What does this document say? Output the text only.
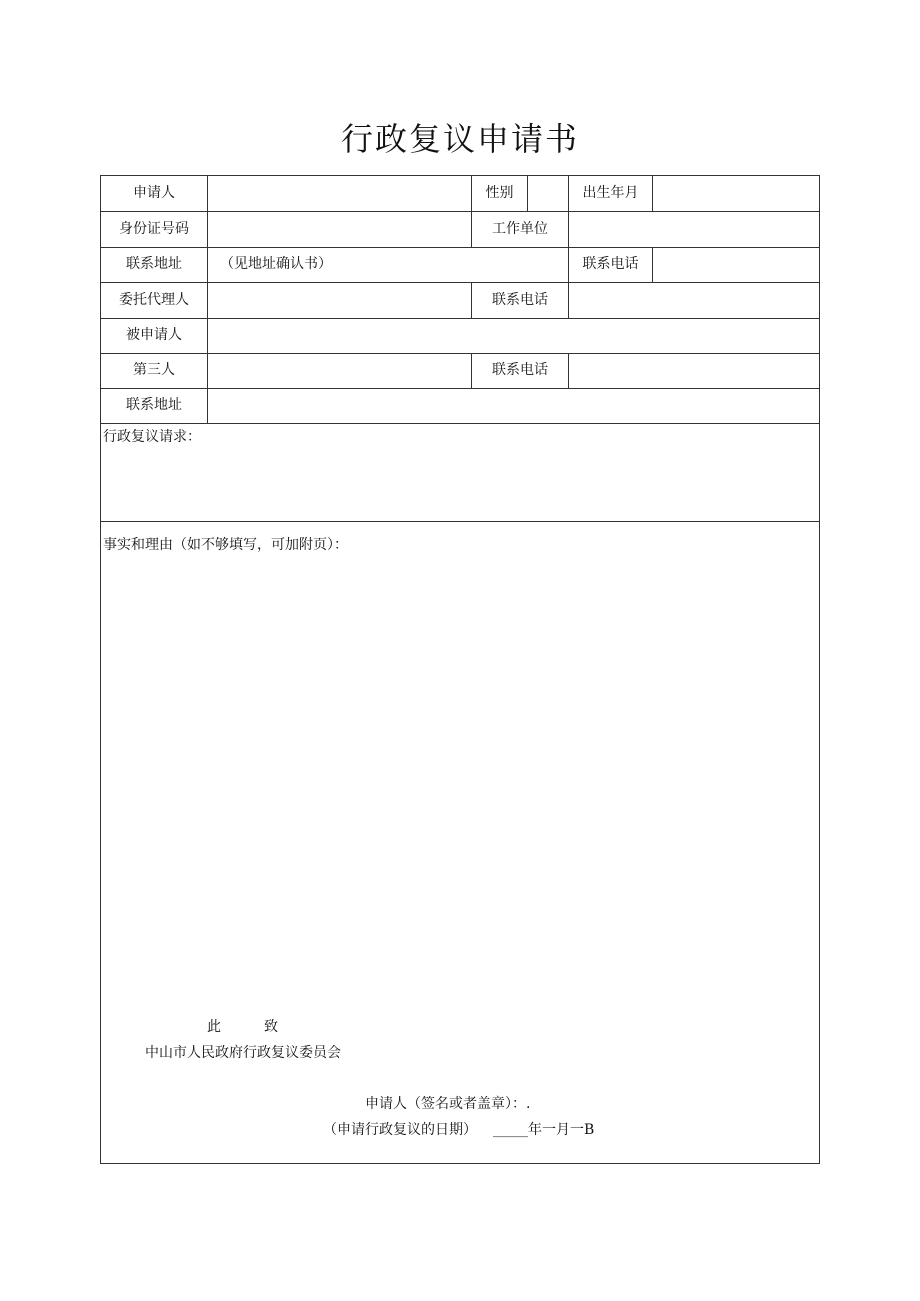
行政复议申请书
申请人	性别	出生年月
身份证号码	工作单位
联系地址	（见地址确认书）	联系电话
委托代理人	联系电话
被申请人
第三人	联系电话
联系地址
行政复议请求：
事实和理由（如不够填写，可加附页）：
此	致
中山市人民政府行政复议委员会
申请人（签名或者盖章）：.
（申请行政复议的日期） _____年一月一B
